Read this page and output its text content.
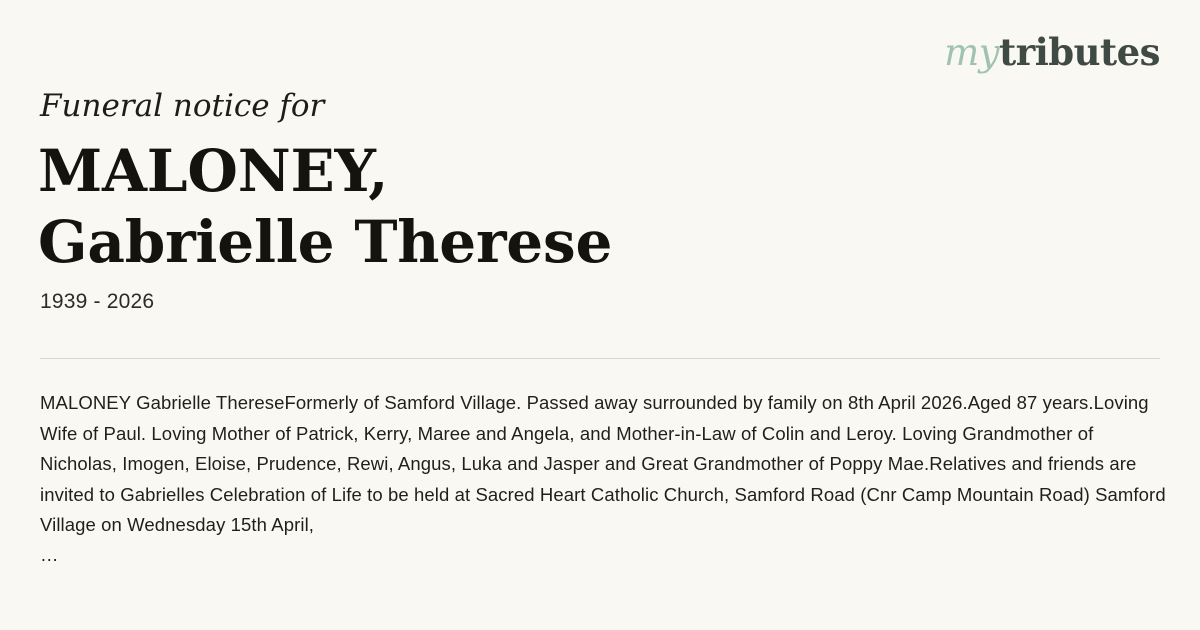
mytributes
Funeral notice for
MALONEY,
Gabrielle Therese
1939 - 2026
MALONEY Gabrielle ThereseFormerly of Samford Village. Passed away surrounded by family on 8th April 2026.Aged 87 years.Loving Wife of Paul. Loving Mother of Patrick, Kerry, Maree and Angela, and Mother-in-Law of Colin and Leroy. Loving Grandmother of Nicholas, Imogen, Eloise, Prudence, Rewi, Angus, Luka and Jasper and Great Grandmother of Poppy Mae.Relatives and friends are invited to Gabrielles Celebration of Life to be held at Sacred Heart Catholic Church, Samford Road (Cnr Camp Mountain Road) Samford Village on Wednesday 15th April,
…
